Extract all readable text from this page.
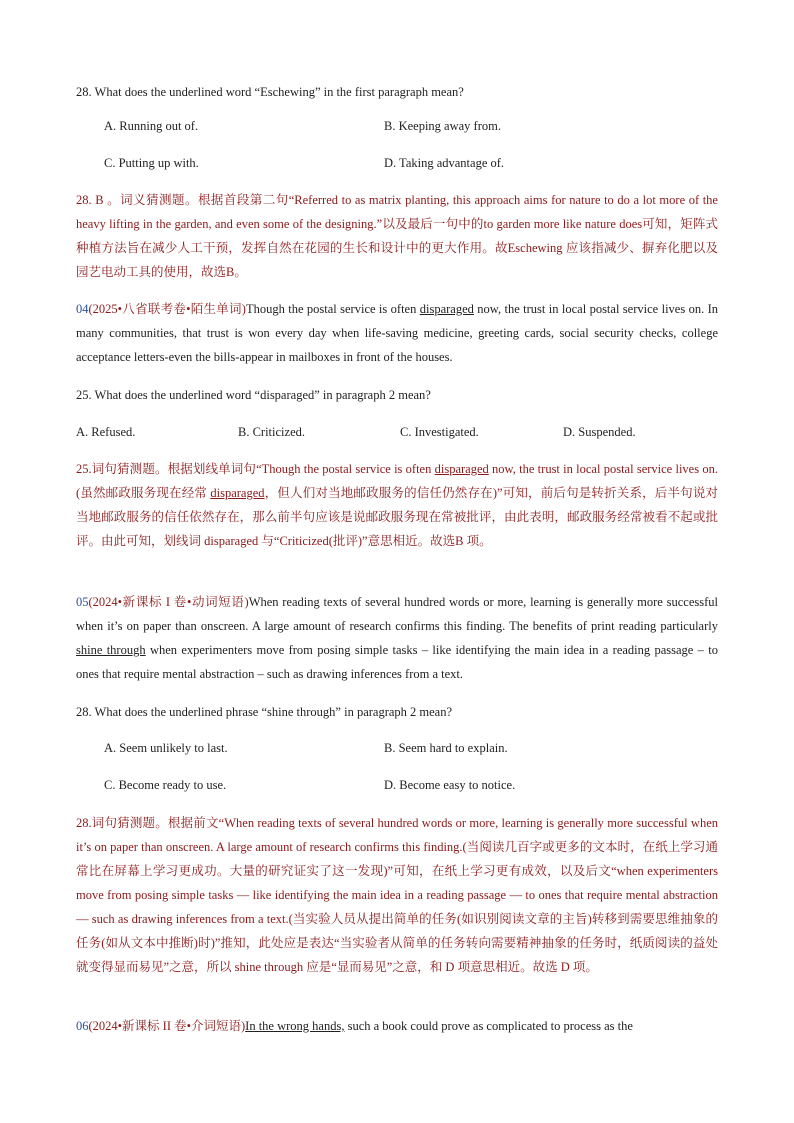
28. What does the underlined word “Eschewing” in the first paragraph mean?
A. Running out of.	B. Keeping away from.
C. Putting up with.	D. Taking advantage of.
28. B 。词义猜测题。根据首段第二句“Referred to as matrix planting, this approach aims for nature to do a lot more of the heavy lifting in the garden, and even some of the designing.”以及最后一句中的to garden more like nature does可知，矩阵式种植方法旨在减少人工干预，发挥自然在花园的生长和设计中的更大作用。故Eschewing 应该指减少、摒弃化肥以及园艺电动工具的使用，故选B。
04(2025•八省联考卷•陌生单词)Though the postal service is often disparaged now, the trust in local postal service lives on. In many communities, that trust is won every day when life-saving medicine, greeting cards, social security checks, college acceptance letters-even the bills-appear in mailboxes in front of the houses.
25. What does the underlined word “disparaged” in paragraph 2 mean?
A. Refused.	B. Criticized.	C. Investigated.	D. Suspended.
25.词句猜测题。根据划线单词句“Though the postal service is often disparaged now, the trust in local postal service lives on.(虽然邮政服务现在经常 disparaged，但人们对当地邮政服务的信任仍然存在)”可知，前后句是转折关系，后半句说对当地邮政服务的信任依然存在，那么前半句应该是说邮政服务现在常被批评，由此表明，邮政服务经常被看不起或批评。由此可知，划线词 disparaged 与“Criticized(批评)”意思相近。故选B 项。
05(2024•新课标 I 卷•动词短语)When reading texts of several hundred words or more, learning is generally more successful when it’s on paper than onscreen. A large amount of research confirms this finding. The benefits of print reading particularly shine through when experimenters move from posing simple tasks – like identifying the main idea in a reading passage – to ones that require mental abstraction – such as drawing inferences from a text.
28. What does the underlined phrase “shine through” in paragraph 2 mean?
A. Seem unlikely to last.	B. Seem hard to explain.
C. Become ready to use.	D. Become easy to notice.
28.词句猜测题。根据前文“When reading texts of several hundred words or more, learning is generally more successful when it’s on paper than onscreen. A large amount of research confirms this finding.(当阅读几百字或更多的文本时，在纸上学习通常比在屏幕上学习更成功。大量的研究证实了这一发现)”可知，在纸上学习更有成效，以及后文“when experimenters move from posing simple tasks — like identifying the main idea in a reading passage — to ones that require mental abstraction — such as drawing inferences from a text.(当实验人员从提出简单的任务(如识别阅读文章的主旨)转移到需要思维抽象的任务(如从文本中推断)时)”推知，此处应是表达“当实验者从简单的任务转向需要精神抽象的任务时，纸质阅读的益处就变得显而易见”之意，所以 shine through 应是“显而易见”之意，和 D 项意思相近。故选 D 项。
06(2024•新课标 II 卷•介词短语)In the wrong hands, such a book could prove as complicated to process as the
